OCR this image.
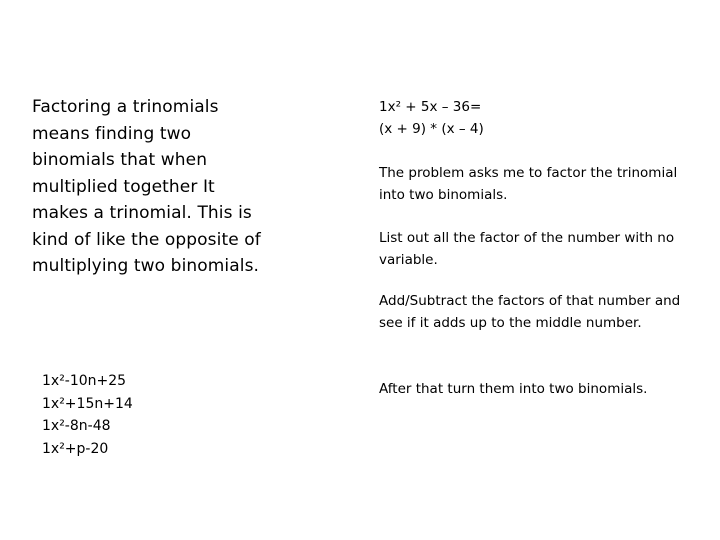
Factoring a trinomials means finding two binomials that when multiplied together It makes a trinomial. This is kind of like the opposite of multiplying two binomials.

1x²-10n+25
1x²+15n+14
1x²-8n-48
1x²+p-20
1x² + 5x – 36=
(x + 9) * (x – 4)
The problem asks me to factor the trinomial into two binomials.
List out all the factor of the number with no variable.
Add/Subtract the factors of that number and see if it adds up to the middle number.
After that turn them into two binomials.
